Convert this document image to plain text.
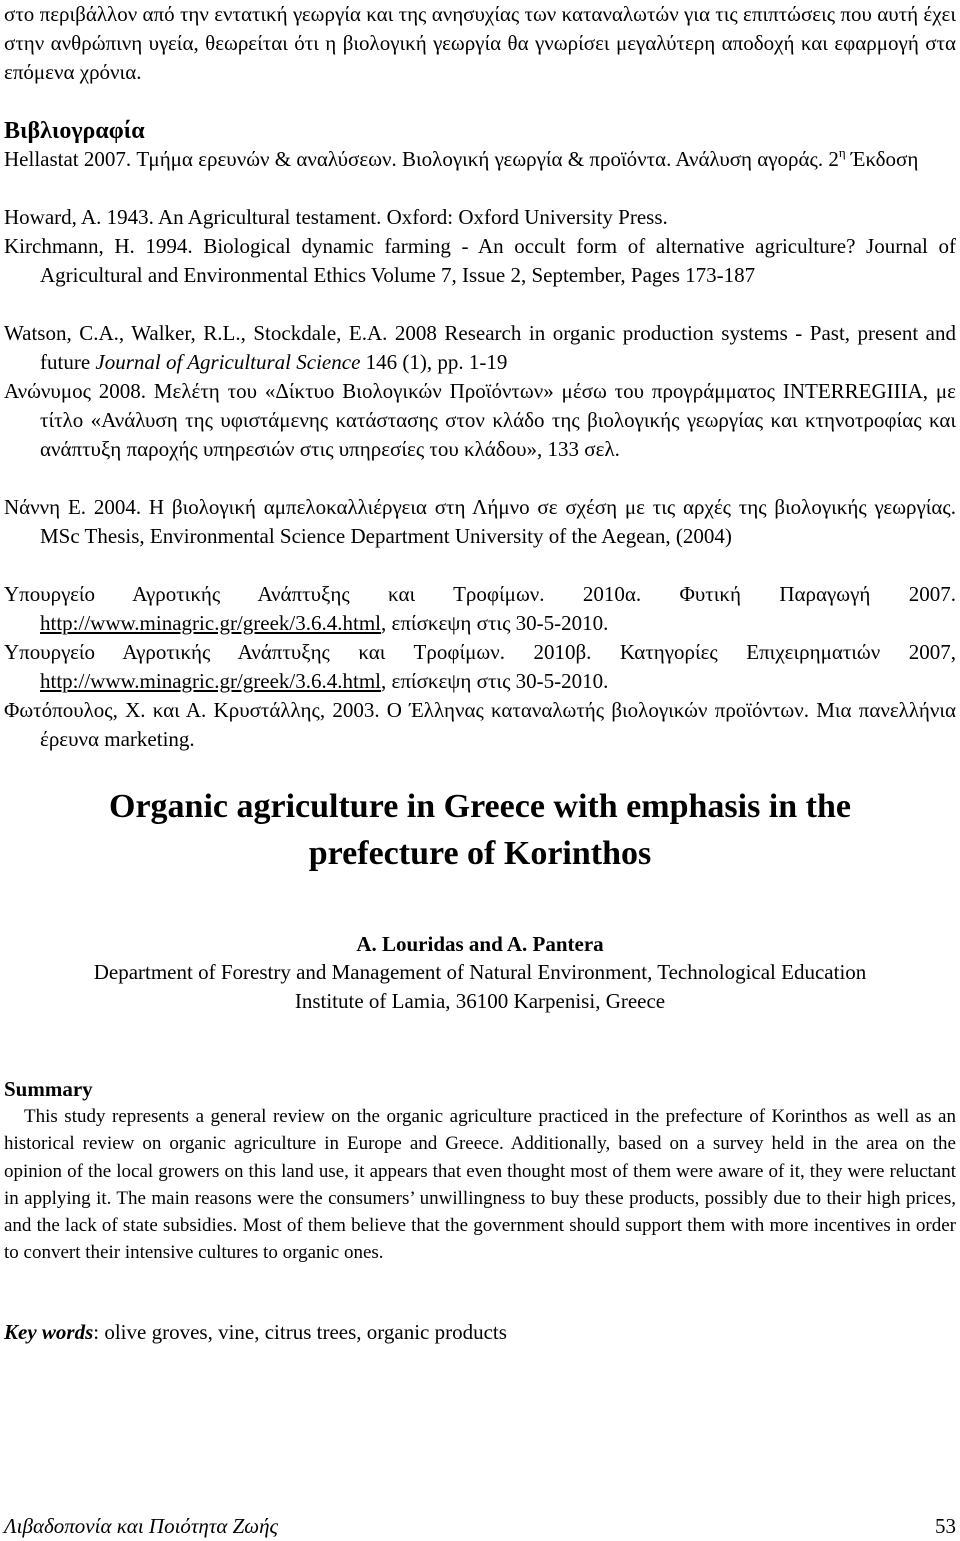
στο περιβάλλον από την εντατική γεωργία και της ανησυχίας των καταναλωτών για τις επιπτώσεις που αυτή έχει στην ανθρώπινη υγεία, θεωρείται ότι η βιολογική γεωργία θα γνωρίσει μεγαλύτερη αποδοχή και εφαρμογή στα επόμενα χρόνια.

Βιβλιογραφία

Hellastat 2007. Τμήμα ερευνών & αναλύσεων. Βιολογική γεωργία & προϊόντα. Ανάλυση αγοράς. $2^\eta$ Έκδοση

Howard, A. 1943. An Agricultural testament. Oxford: Oxford University Press.

Kirchmann, H. 1994. Biological dynamic farming - An occult form of alternative agriculture? Journal of Agricultural and Environmental Ethics Volume 7, Issue 2, September, Pages 173-187

Watson, C.A., Walker, R.L., Stockdale, E.A. 2008 Research in organic production systems - Past, present and future Journal of Agricultural Science 146 (1), pp. 1-19

Ανώνυμος 2008. Μελέτη του «Δίκτυο Βιολογικών Προϊόντων» μέσω του προγράμματος INTERREGIIIA, με τίτλο «Ανάλυση της υφιστάμενης κατάστασης στον κλάδο της βιολογικής γεωργίας και κτηνοτροφίας και ανάπτυξη παροχής υπηρεσιών στις υπηρεσίες του κλάδου», 133 σελ.

Νάννη Ε. 2004. Η βιολογική αμπελοκαλλιέργεια στη Λήμνο σε σχέση με τις αρχές της βιολογικής γεωργίας. MSc Thesis, Environmental Science Department University of the Aegean, (2004)

Υπουργείο Αγροτικής Ανάπτυξης και Τροφίμων. 2010α. Φυτική Παραγωγή 2007. http://www.minagric.gr/greek/3.6.4.html, επίσκεψη στις 30-5-2010.

Υπουργείο Αγροτικής Ανάπτυξης και Τροφίμων. 2010β. Κατηγορίες Επιχειρηματιών 2007, http://www.minagric.gr/greek/3.6.4.html, επίσκεψη στις 30-5-2010.

Φωτόπουλος, Χ. και Α. Κρυστάλλης, 2003. Ο Έλληνας καταναλωτής βιολογικών προϊόντων. Μια πανελλήνια έρευνα marketing.

Organic agriculture in Greece with emphasis in the
prefecture of Korinthos
A. Louridas and A. Pantera
Department of Forestry and Management of Natural Environment, Technological Education
Institute of Lamia, 36100 Karpenisi, Greece
Summary

This study represents a general review on the organic agriculture practiced in the prefecture of Korinthos as well as an historical review on organic agriculture in Europe and Greece. Additionally, based on a survey held in the area on the opinion of the local growers on this land use, it appears that even thought most of them were aware of it, they were reluctant in applying it. The main reasons were the consumers’ unwillingness to buy these products, possibly due to their high prices, and the lack of state subsidies. Most of them believe that the government should support them with more incentives in order to convert their intensive cultures to organic ones.

Key words: olive groves, vine, citrus trees, organic products
Λιβαδοπονία και Ποιότητα Ζωής	53
